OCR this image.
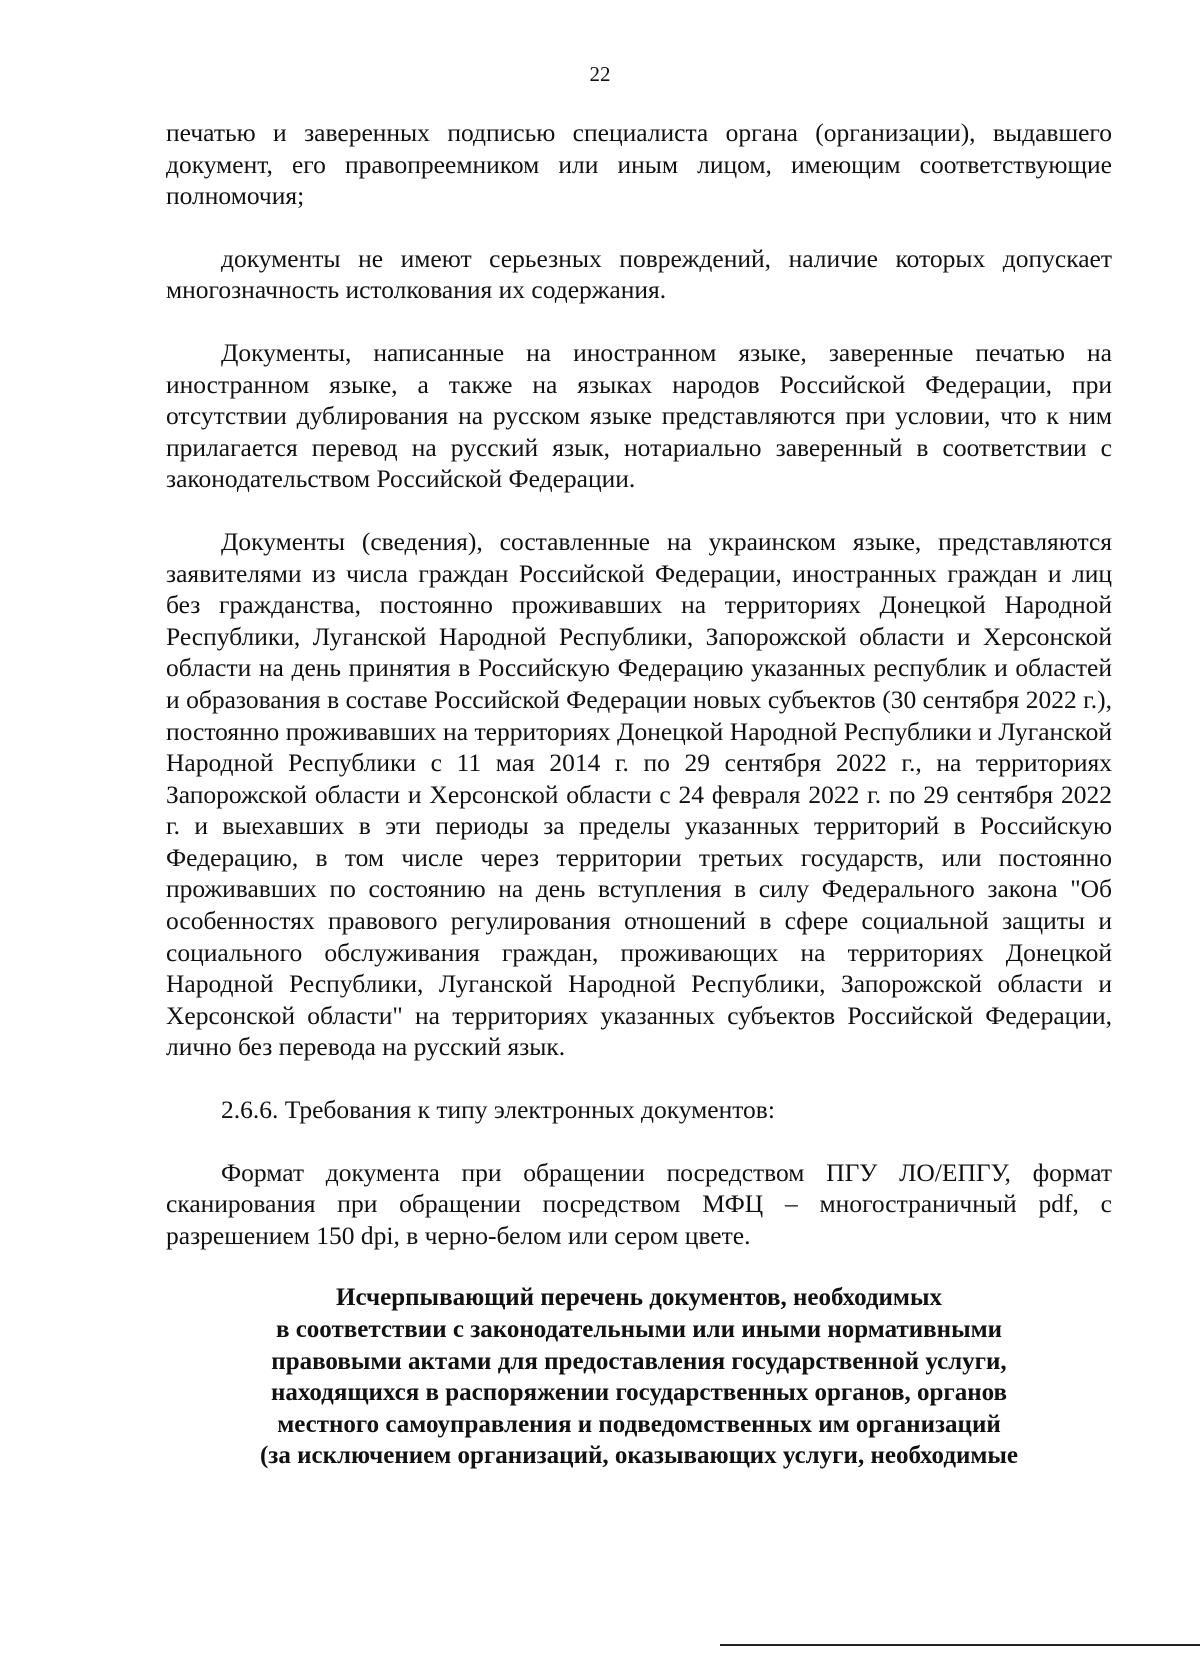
22

печатью и заверенных подписью специалиста органа (организации), выдавшего документ, его правопреемником или иным лицом, имеющим соответствующие полномочия;

документы не имеют серьезных повреждений, наличие которых допускает многозначность истолкования их содержания.

Документы, написанные на иностранном языке, заверенные печатью на иностранном языке, а также на языках народов Российской Федерации, при отсутствии дублирования на русском языке представляются при условии, что к ним прилагается перевод на русский язык, нотариально заверенный в соответствии с законодательством Российской Федерации.

Документы (сведения), составленные на украинском языке, представляются заявителями из числа граждан Российской Федерации, иностранных граждан и лиц без гражданства, постоянно проживавших на территориях Донецкой Народной Республики, Луганской Народной Республики, Запорожской области и Херсонской области на день принятия в Российскую Федерацию указанных республик и областей и образования в составе Российской Федерации новых субъектов (30 сентября 2022 г.), постоянно проживавших на территориях Донецкой Народной Республики и Луганской Народной Республики с 11 мая 2014 г. по 29 сентября 2022 г., на территориях Запорожской области и Херсонской области с 24 февраля 2022 г. по 29 сентября 2022 г. и выехавших в эти периоды за пределы указанных территорий в Российскую Федерацию, в том числе через территории третьих государств, или постоянно проживавших по состоянию на день вступления в силу Федерального закона "Об особенностях правового регулирования отношений в сфере социальной защиты и социального обслуживания граждан, проживающих на территориях Донецкой Народной Республики, Луганской Народной Республики, Запорожской области и Херсонской области" на территориях указанных субъектов Российской Федерации, лично без перевода на русский язык.

2.6.6. Требования к типу электронных документов:

Формат документа при обращении посредством ПГУ ЛО/ЕПГУ, формат сканирования при обращении посредством МФЦ – многостраничный pdf, с разрешением 150 dpi, в черно-белом или сером цвете.

Исчерпывающий перечень документов, необходимых
в соответствии с законодательными или иными нормативными
правовыми актами для предоставления государственной услуги,
находящихся в распоряжении государственных органов, органов
местного самоуправления и подведомственных им организаций
(за исключением организаций, оказывающих услуги, необходимые
